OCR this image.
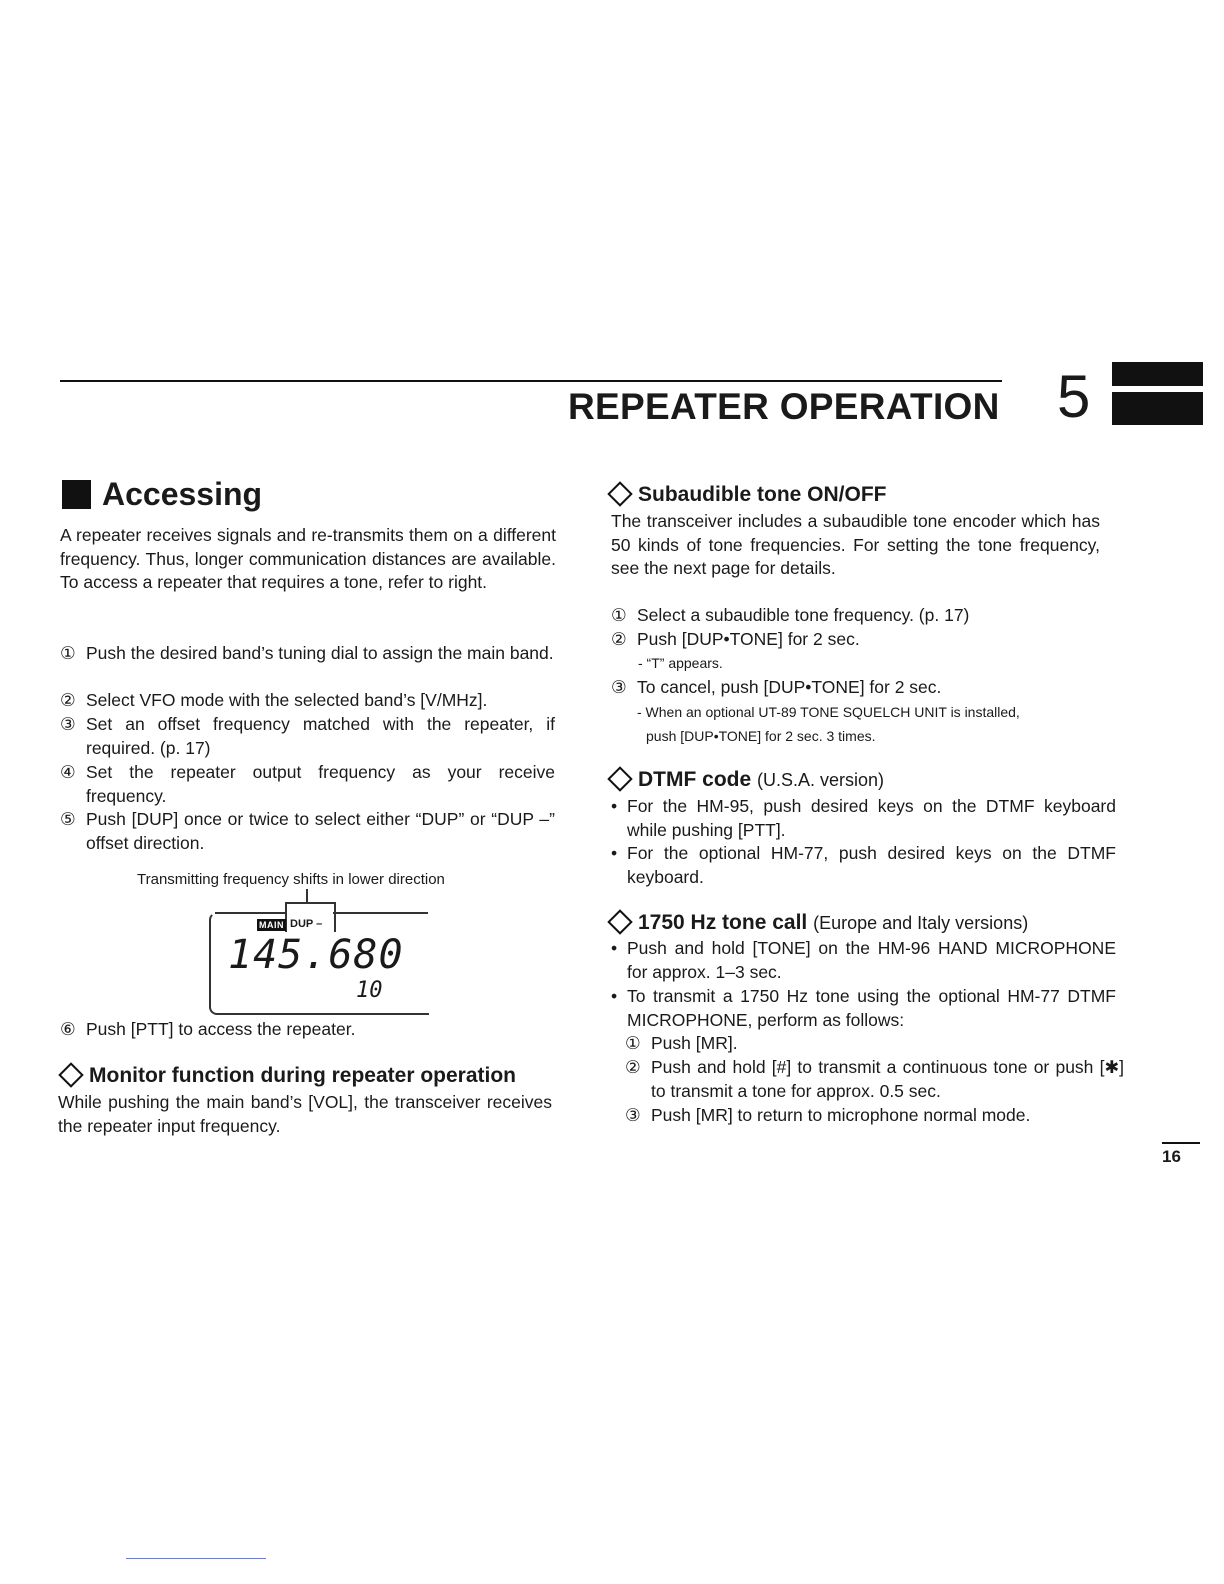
REPEATER OPERATION 5
Accessing
A repeater receives signals and re-transmits them on a different frequency. Thus, longer communication distances are available. To access a repeater that requires a tone, refer to right.
① Push the desired band’s tuning dial to assign the main band.
② Select VFO mode with the selected band’s [V/MHz].
③ Set an offset frequency matched with the repeater, if required. (p. 17)
④ Set the repeater output frequency as your receive frequency.
⑤ Push [DUP] once or twice to select either “DUP” or “DUP –” offset direction.
Transmitting frequency shifts in lower direction
MAIN DUP –
145.680
10
⑥ Push [PTT] to access the repeater.
Monitor function during repeater operation
While pushing the main band’s [VOL], the transceiver receives the repeater input frequency.
Subaudible tone ON/OFF
The transceiver includes a subaudible tone encoder which has 50 kinds of tone frequencies. For setting the tone frequency, see the next page for details.
① Select a subaudible tone frequency. (p. 17)
② Push [DUP•TONE] for 2 sec.
- “T” appears.
③ To cancel, push [DUP•TONE] for 2 sec.
- When an optional UT-89 TONE SQUELCH UNIT is installed,
push [DUP•TONE] for 2 sec. 3 times.
DTMF code (U.S.A. version)
• For the HM-95, push desired keys on the DTMF keyboard while pushing [PTT].
• For the optional HM-77, push desired keys on the DTMF keyboard.
1750 Hz tone call (Europe and Italy versions)
• Push and hold [TONE] on the HM-96 HAND MICROPHONE for approx. 1–3 sec.
• To transmit a 1750 Hz tone using the optional HM-77 DTMF MICROPHONE, perform as follows:
① Push [MR].
② Push and hold [#] to transmit a continuous tone or push [✱] to transmit a tone for approx. 0.5 sec.
③ Push [MR] to return to microphone normal mode.
16
